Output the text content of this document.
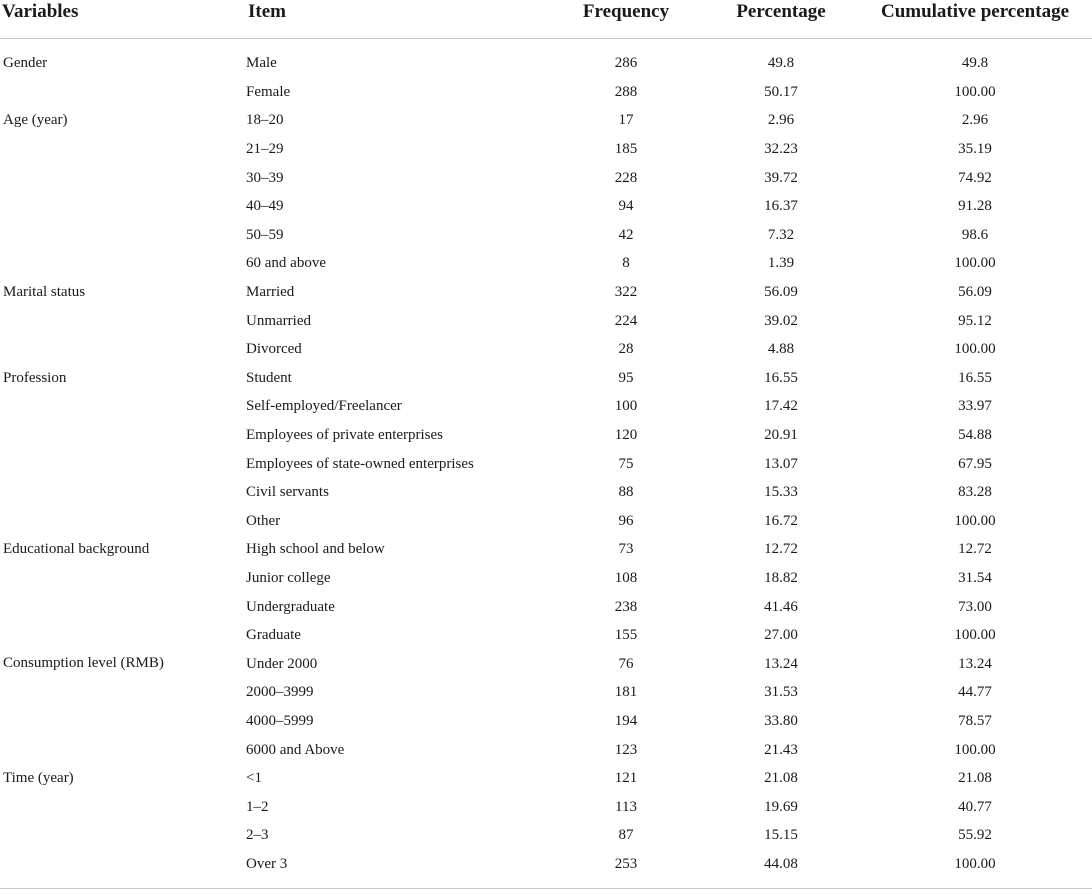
Variables	Item	Frequency	Percentage	Cumulative percentage
Gender	Male	286	49.8	49.8
	Female	288	50.17	100.00
Age (year)	18–20	17	2.96	2.96
	21–29	185	32.23	35.19
	30–39	228	39.72	74.92
	40–49	94	16.37	91.28
	50–59	42	7.32	98.6
	60 and above	8	1.39	100.00
Marital status	Married	322	56.09	56.09
	Unmarried	224	39.02	95.12
	Divorced	28	4.88	100.00
Profession	Student	95	16.55	16.55
	Self-employed/Freelancer	100	17.42	33.97
	Employees of private enterprises	120	20.91	54.88
	Employees of state-owned enterprises	75	13.07	67.95
	Civil servants	88	15.33	83.28
	Other	96	16.72	100.00
Educational background	High school and below	73	12.72	12.72
	Junior college	108	18.82	31.54
	Undergraduate	238	41.46	73.00
	Graduate	155	27.00	100.00
Consumption level (RMB)	Under 2000	76	13.24	13.24
	2000–3999	181	31.53	44.77
	4000–5999	194	33.80	78.57
	6000 and Above	123	21.43	100.00
Time (year)	<1	121	21.08	21.08
	1–2	113	19.69	40.77
	2–3	87	15.15	55.92
	Over 3	253	44.08	100.00
